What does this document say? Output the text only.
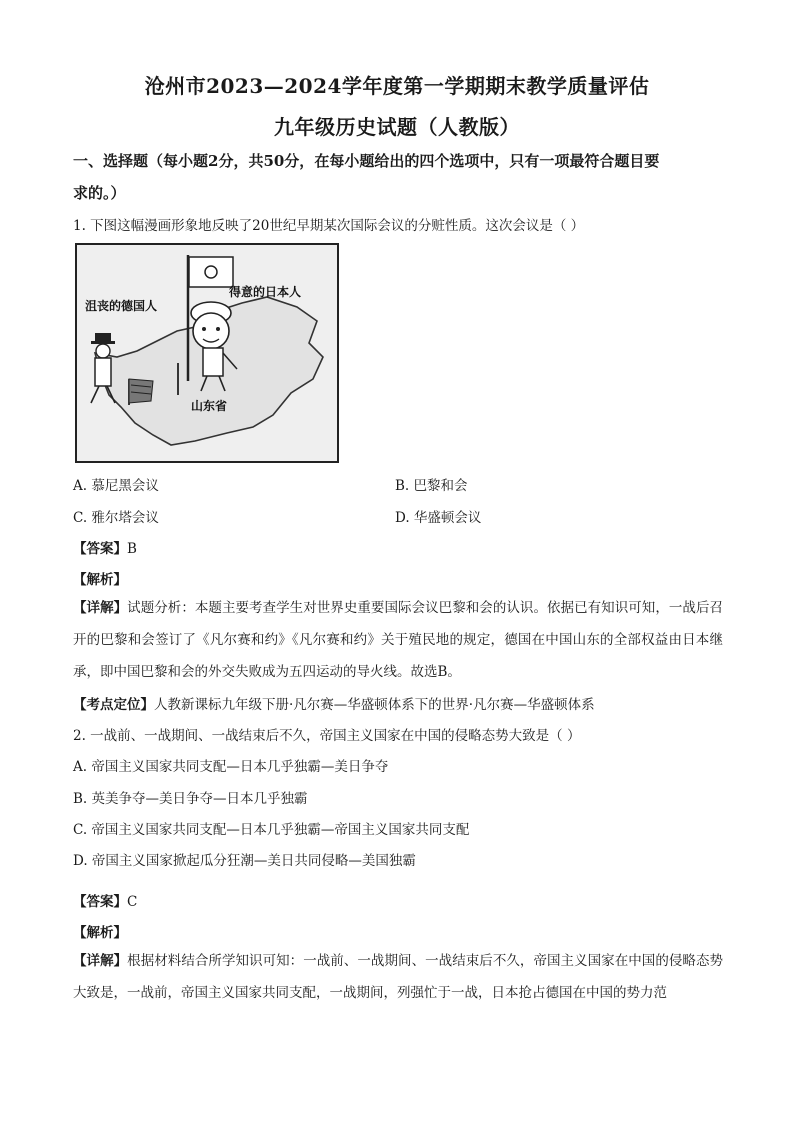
沧州市2023—2024学年度第一学期期末教学质量评估
九年级历史试题（人教版）
一、选择题（每小题2分，共50分，在每小题给出的四个选项中，只有一项最符合题目要
求的。）
1. 下图这幅漫画形象地反映了20世纪早期某次国际会议的分赃性质。这次会议是（ ）
沮丧的德国人
得意的日本人
山东省
A. 慕尼黑会议	B. 巴黎和会
C. 雅尔塔会议	D. 华盛顿会议
【答案】B
【解析】
【详解】试题分析：本题主要考查学生对世界史重要国际会议巴黎和会的认识。依据已有知识可知，一战后召开的巴黎和会签订了《凡尔赛和约》《凡尔赛和约》关于殖民地的规定，德国在中国山东的全部权益由日本继承，即中国巴黎和会的外交失败成为五四运动的导火线。故选B。
【考点定位】人教新课标九年级下册·凡尔赛—华盛顿体系下的世界·凡尔赛—华盛顿体系
2. 一战前、一战期间、一战结束后不久，帝国主义国家在中国的侵略态势大致是（ ）
A. 帝国主义国家共同支配—日本几乎独霸—美日争夺
B. 英美争夺—美日争夺—日本几乎独霸
C. 帝国主义国家共同支配—日本几乎独霸—帝国主义国家共同支配
D. 帝国主义国家掀起瓜分狂潮—美日共同侵略—美国独霸
【答案】C
【解析】
【详解】根据材料结合所学知识可知：一战前、一战期间、一战结束后不久，帝国主义国家在中国的侵略态势大致是，一战前，帝国主义国家共同支配，一战期间，列强忙于一战，日本抢占德国在中国的势力范
